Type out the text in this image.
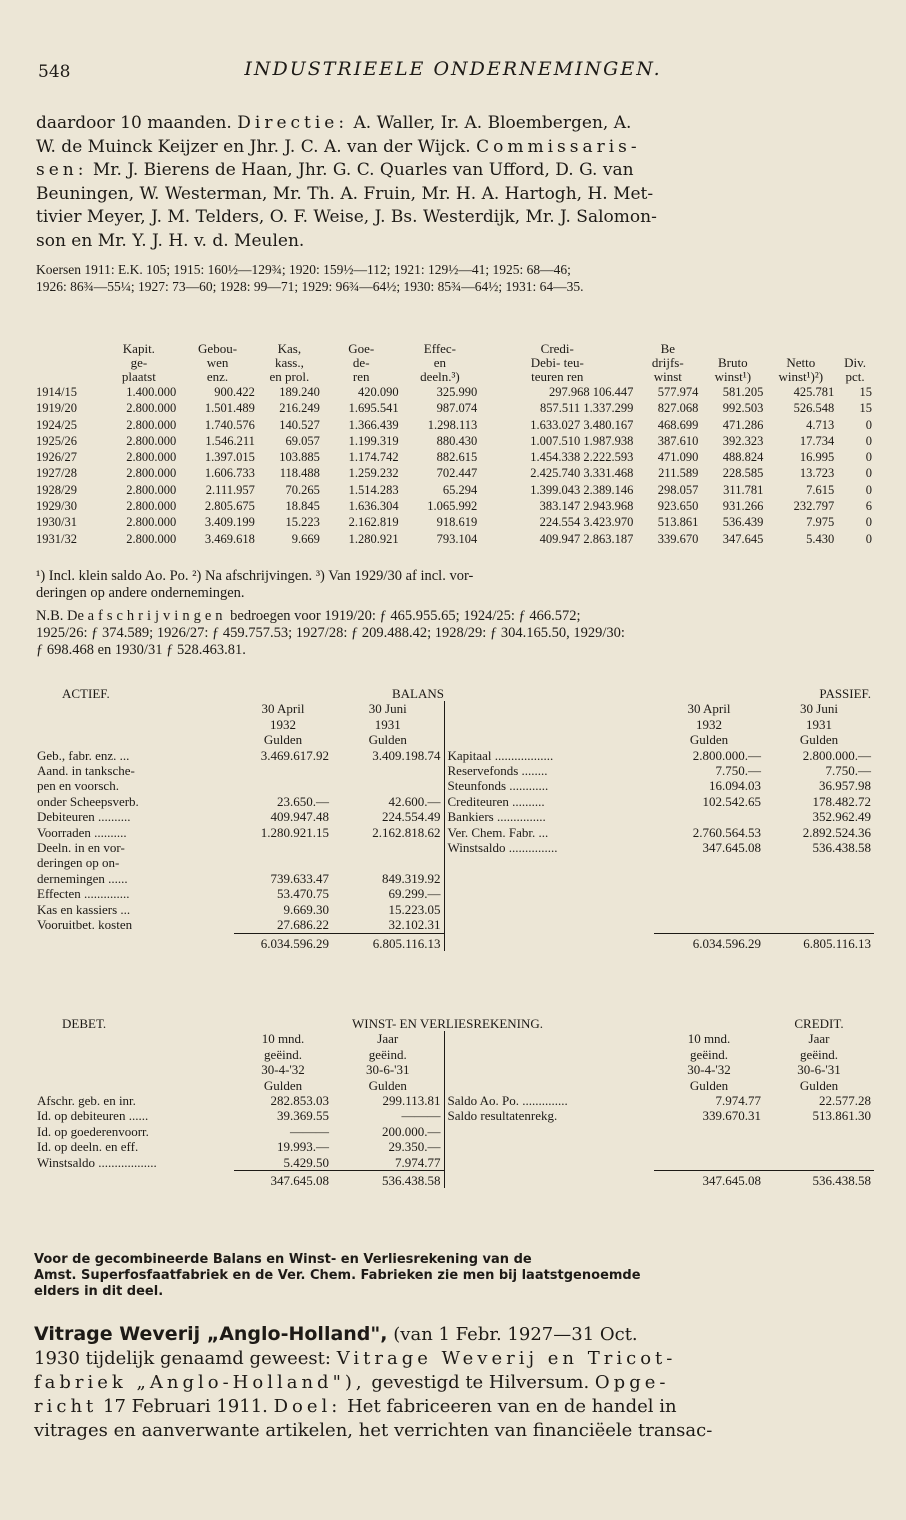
548	INDUSTRIEELE ONDERNEMINGEN.
daardoor 10 maanden. Directie: A. Waller, Ir. A. Bloembergen, A.
W. de Muinck Keijzer en Jhr. J. C. A. van der Wijck. Commissaris-
sen: Mr. J. Bierens de Haan, Jhr. G. C. Quarles van Ufford, D. G. van
Beuningen, W. Westerman, Mr. Th. A. Fruin, Mr. H. A. Hartogh, H. Met-
tivier Meyer, J. M. Telders, O. F. Weise, J. Bs. Westerdijk, Mr. J. Salomon-
son en Mr. Y. J. H. v. d. Meulen.
Koersen 1911: E.K. 105; 1915: 160½—129¾; 1920: 159½—112; 1921: 129½—41; 1925: 68—46;
1926: 86¾—55¼; 1927: 73—60; 1928: 99—71; 1929: 96¾—64½; 1930: 85¾—64½; 1931: 64—35.
	Kapit.	Gebou-	Kas,	Goe-	Effec-	Credi-	Be			
	ge-	wen	kass.,	de-	en	Debi- teu-	drijfs-	Bruto	Netto	Div.
	plaatst	enz.	en prol.	ren	deeln.³)	teuren ren	winst	winst¹)	winst¹)²)	pct.
1914/15	1.400.000	900.422	189.240	420.090	325.990	297.968 106.447	577.974	581.205	425.781	15
1919/20	2.800.000	1.501.489	216.249	1.695.541	987.074	857.511 1.337.299	827.068	992.503	526.548	15
1924/25	2.800.000	1.740.576	140.527	1.366.439	1.298.113	1.633.027 3.480.167	468.699	471.286	4.713	0
1925/26	2.800.000	1.546.211	69.057	1.199.319	880.430	1.007.510 1.987.938	387.610	392.323	17.734	0
1926/27	2.800.000	1.397.015	103.885	1.174.742	882.615	1.454.338 2.222.593	471.090	488.824	16.995	0
1927/28	2.800.000	1.606.733	118.488	1.259.232	702.447	2.425.740 3.331.468	211.589	228.585	13.723	0
1928/29	2.800.000	2.111.957	70.265	1.514.283	65.294	1.399.043 2.389.146	298.057	311.781	7.615	0
1929/30	2.800.000	2.805.675	18.845	1.636.304	1.065.992	383.147 2.943.968	923.650	931.266	232.797	6
1930/31	2.800.000	3.409.199	15.223	2.162.819	918.619	224.554 3.423.970	513.861	536.439	7.975	0
1931/32	2.800.000	3.469.618	9.669	1.280.921	793.104	409.947 2.863.187	339.670	347.645	5.430	0
¹) Incl. klein saldo Ao. Po. ²) Na afschrijvingen. ³) Van 1929/30 af incl. vor-
deringen op andere ondernemingen.
N.B. De afschrijvingen bedroegen voor 1919/20: ƒ 465.955.65; 1924/25: ƒ 466.572;
1925/26: ƒ 374.589; 1926/27: ƒ 459.757.53; 1927/28: ƒ 209.488.42; 1928/29: ƒ 304.165.50, 1929/30:
ƒ 698.468 en 1930/31 ƒ 528.463.81.
ACTIEF.		BALANS			PASSIEF.
	30 April	30 Juni		30 April	30 Juni
	1932	1931		1932	1931
	Gulden	Gulden		Gulden	Gulden
Geb., fabr. enz. ...	3.469.617.92	3.409.198.74	Kapitaal ..................	2.800.000.—	2.800.000.—
Aand. in tanksche-			Reservefonds ........	7.750.—	7.750.—
pen en voorsch.			Steunfonds ............	16.094.03	36.957.98
onder Scheepsverb.	23.650.—	42.600.—	Crediteuren ..........	102.542.65	178.482.72
Debiteuren ..........	409.947.48	224.554.49	Bankiers ...............		352.962.49
Voorraden ..........	1.280.921.15	2.162.818.62	Ver. Chem. Fabr. ...	2.760.564.53	2.892.524.36
Deeln. in en vor-			Winstsaldo ...............	347.645.08	536.438.58
deringen op on-					
dernemingen ......	739.633.47	849.319.92			
Effecten ..............	53.470.75	69.299.—			
Kas en kassiers ...	9.669.30	15.223.05			
Vooruitbet. kosten	27.686.22	32.102.31			
	6.034.596.29	6.805.116.13		6.034.596.29	6.805.116.13
DEBET.		WINST- EN VERLIESREKENING.			CREDIT.
	10 mnd.	Jaar		10 mnd.	Jaar
	geëind.	geëind.		geëind.	geëind.
	30-4-'32	30-6-'31		30-4-'32	30-6-'31
	Gulden	Gulden		Gulden	Gulden
Afschr. geb. en inr.	282.853.03	299.113.81	Saldo Ao. Po. ..............	7.974.77	22.577.28
Id. op debiteuren ......	39.369.55	———	Saldo resultatenrekg.	339.670.31	513.861.30
Id. op goederenvoorr.	———	200.000.—			
Id. op deeln. en eff.	19.993.—	29.350.—			
Winstsaldo ..................	5.429.50	7.974.77			
	347.645.08	536.438.58		347.645.08	536.438.58
Voor de gecombineerde Balans en Winst- en Verliesrekening van de
Amst. Superfosfaatfabriek en de Ver. Chem. Fabrieken zie men bij laatstgenoemde
elders in dit deel.
Vitrage Weverij „Anglo-Holland", (van 1 Febr. 1927—31 Oct.
1930 tijdelijk genaamd geweest: Vitrage Weverij en Tricot-
fabriek „Anglo-Holland"), gevestigd te Hilversum. Opge-
richt 17 Februari 1911. Doel: Het fabriceeren van en de handel in
vitrages en aanverwante artikelen, het verrichten van financiëele transac-
